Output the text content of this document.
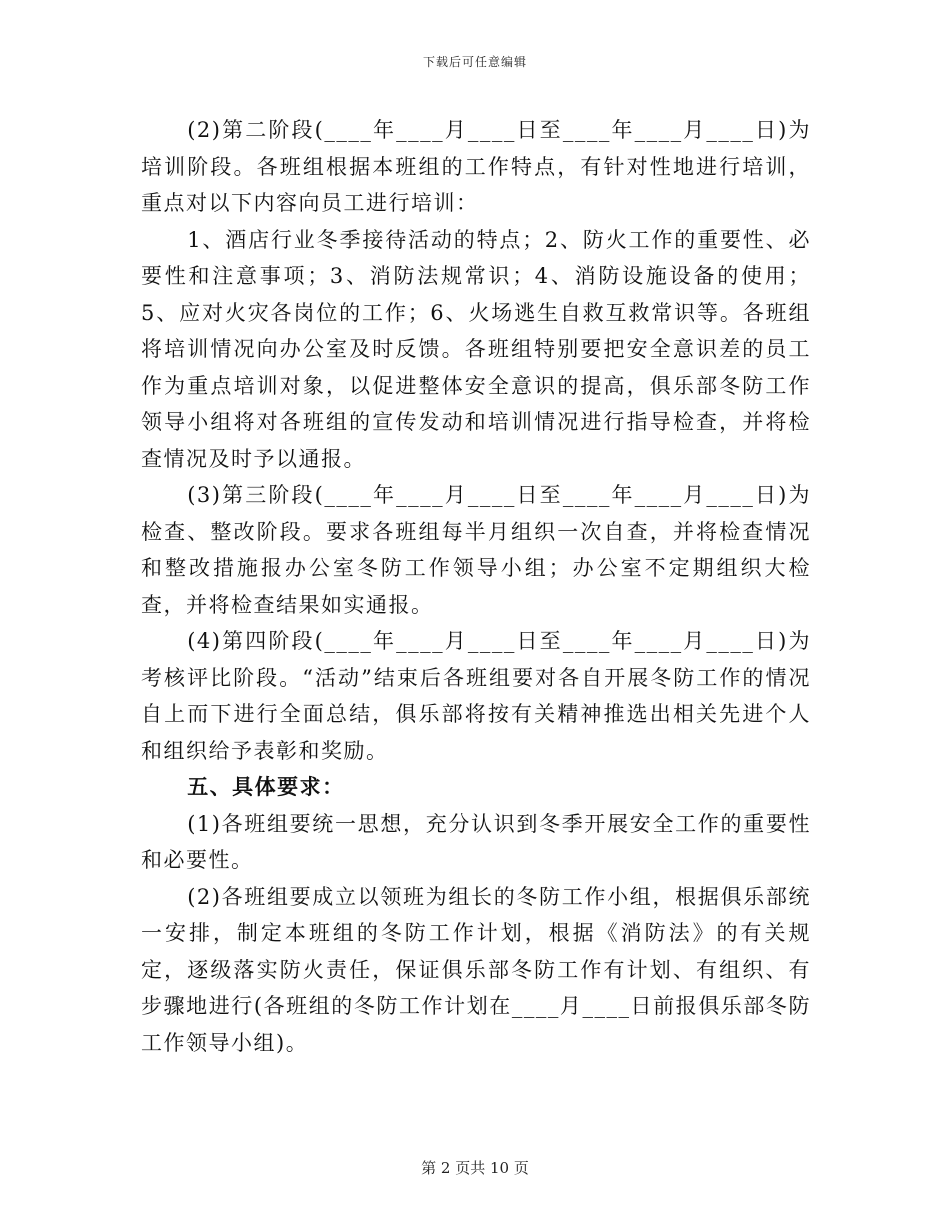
下载后可任意编辑

(2)第二阶段(____年____月____日至____年____月____日)为培训阶段。各班组根据本班组的工作特点，有针对性地进行培训，重点对以下内容向员工进行培训：

1、酒店行业冬季接待活动的特点；2、防火工作的重要性、必要性和注意事项；3、消防法规常识；4、消防设施设备的使用；5、应对火灾各岗位的工作；6、火场逃生自救互救常识等。各班组将培训情况向办公室及时反馈。各班组特别要把安全意识差的员工作为重点培训对象，以促进整体安全意识的提高，俱乐部冬防工作领导小组将对各班组的宣传发动和培训情况进行指导检查，并将检查情况及时予以通报。

(3)第三阶段(____年____月____日至____年____月____日)为检查、整改阶段。要求各班组每半月组织一次自查，并将检查情况和整改措施报办公室冬防工作领导小组；办公室不定期组织大检查，并将检查结果如实通报。

(4)第四阶段(____年____月____日至____年____月____日)为考核评比阶段。“活动”结束后各班组要对各自开展冬防工作的情况自上而下进行全面总结，俱乐部将按有关精神推选出相关先进个人和组织给予表彰和奖励。

五、具体要求：

(1)各班组要统一思想，充分认识到冬季开展安全工作的重要性和必要性。

(2)各班组要成立以领班为组长的冬防工作小组，根据俱乐部统一安排，制定本班组的冬防工作计划，根据《消防法》的有关规定，逐级落实防火责任，保证俱乐部冬防工作有计划、有组织、有步骤地进行(各班组的冬防工作计划在____月____日前报俱乐部冬防工作领导小组)。

第 2 页共 10 页
